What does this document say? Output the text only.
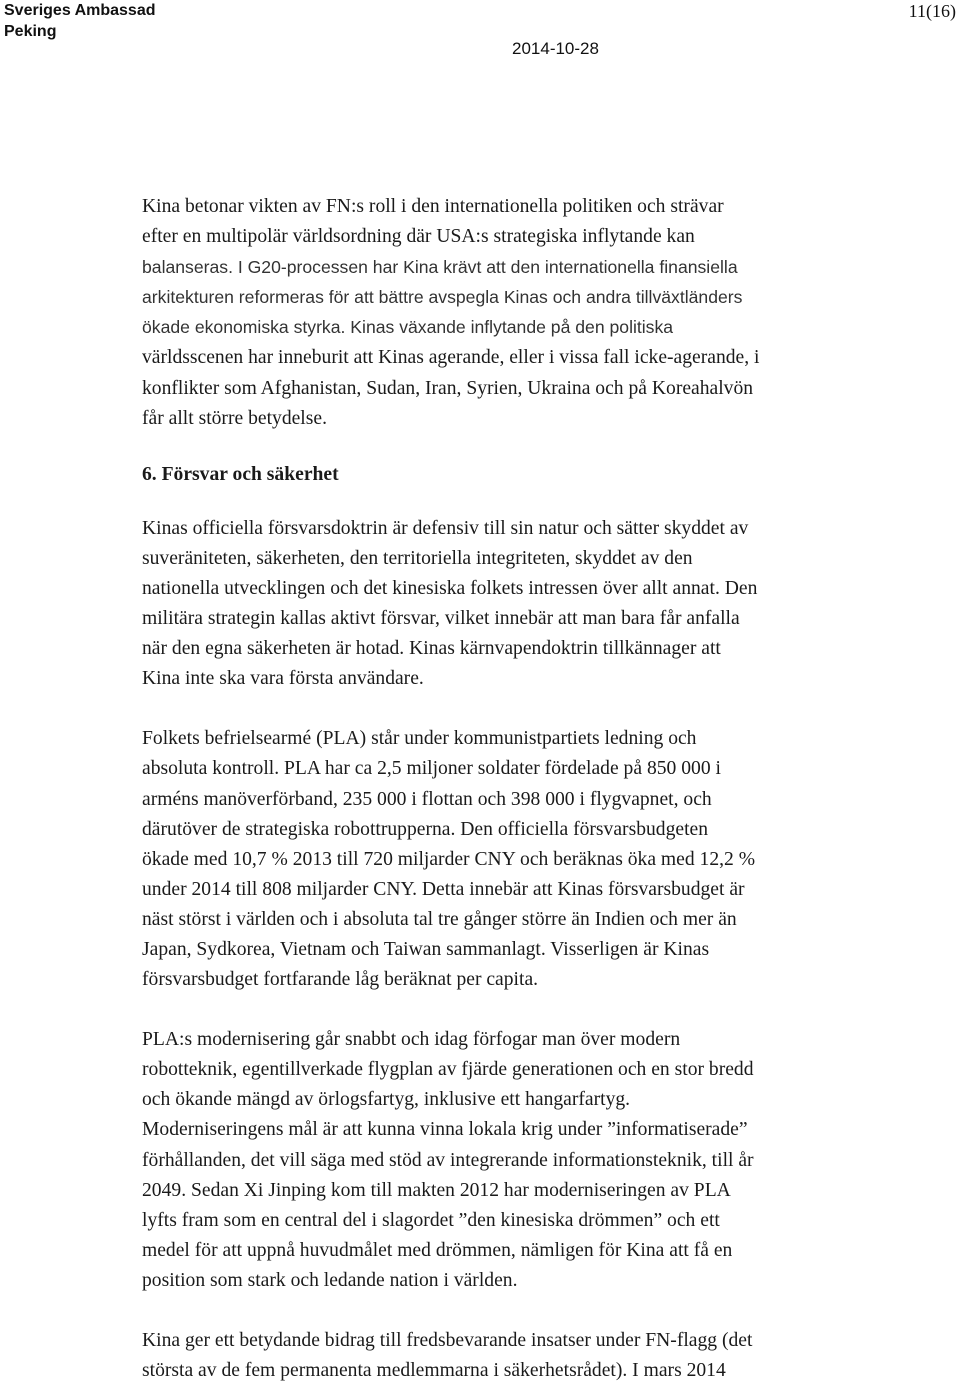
Sveriges Ambassad
Peking
11(16)
2014-10-28

Kina betonar vikten av FN:s roll i den internationella politiken och strävar
efter en multipolär världsordning där USA:s strategiska inflytande kan
balanseras. I G20-processen har Kina krävt att den internationella finansiella
arkitekturen reformeras för att bättre avspegla Kinas och andra tillväxtländers
ökade ekonomiska styrka. Kinas växande inflytande på den politiska
världsscenen har inneburit att Kinas agerande, eller i vissa fall icke-agerande, i
konflikter som Afghanistan, Sudan, Iran, Syrien, Ukraina och på Koreahalvön
får allt större betydelse.

6. Försvar och säkerhet

Kinas officiella försvarsdoktrin är defensiv till sin natur och sätter skyddet av
suveräniteten, säkerheten, den territoriella integriteten, skyddet av den
nationella utvecklingen och det kinesiska folkets intressen över allt annat. Den
militära strategin kallas aktivt försvar, vilket innebär att man bara får anfalla
när den egna säkerheten är hotad. Kinas kärnvapendoktrin tillkännager att
Kina inte ska vara första användare.

Folkets befrielsearmé (PLA) står under kommunistpartiets ledning och
absoluta kontroll. PLA har ca 2,5 miljoner soldater fördelade på 850 000 i
arméns manöverförband, 235 000 i flottan och 398 000 i flygvapnet, och
därutöver de strategiska robottrupperna. Den officiella försvarsbudgeten
ökade med 10,7 % 2013 till 720 miljarder CNY och beräknas öka med 12,2 %
under 2014 till 808 miljarder CNY. Detta innebär att Kinas försvarsbudget är
näst störst i världen och i absoluta tal tre gånger större än Indien och mer än
Japan, Sydkorea, Vietnam och Taiwan sammanlagt. Visserligen är Kinas
försvarsbudget fortfarande låg beräknat per capita.

PLA:s modernisering går snabbt och idag förfogar man över modern
robotteknik, egentillverkade flygplan av fjärde generationen och en stor bredd
och ökande mängd av örlogsfartyg, inklusive ett hangarfartyg.
Moderniseringens mål är att kunna vinna lokala krig under ”informatiserade”
förhållanden, det vill säga med stöd av integrerande informationsteknik, till år
2049. Sedan Xi Jinping kom till makten 2012 har moderniseringen av PLA
lyfts fram som en central del i slagordet ”den kinesiska drömmen” och ett
medel för att uppnå huvudmålet med drömmen, nämligen för Kina att få en
position som stark och ledande nation i världen.

Kina ger ett betydande bidrag till fredsbevarande insatser under FN-flagg (det
största av de fem permanenta medlemmarna i säkerhetsrådet). I mars 2014
